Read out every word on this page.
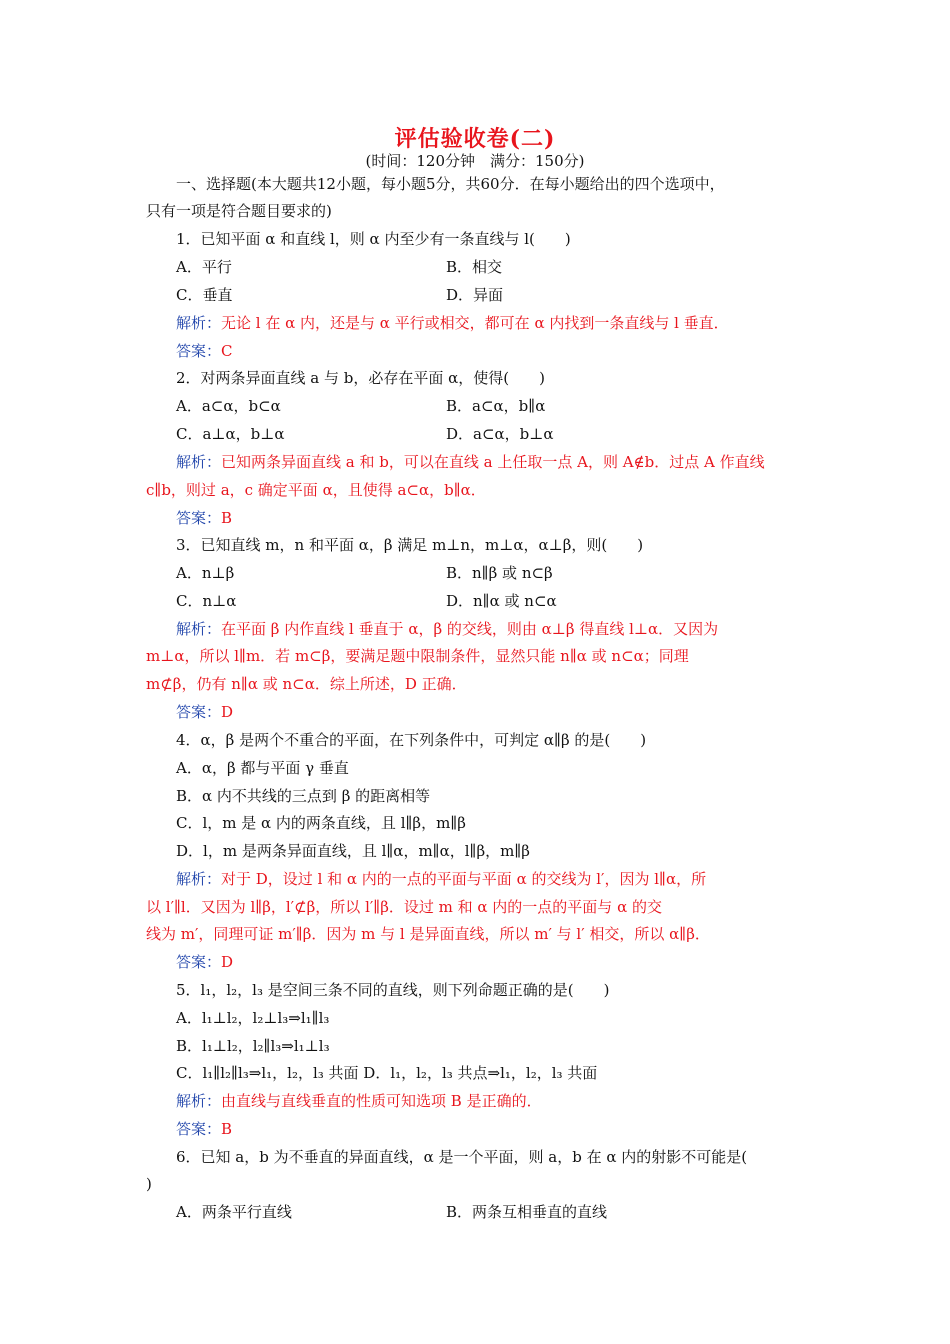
评估验收卷(二)
(时间：120分钟　满分：150分)
一、选择题(本大题共12小题，每小题5分，共60分．在每小题给出的四个选项中，
只有一项是符合题目要求的)
1．已知平面 α 和直线 l，则 α 内至少有一条直线与 l(　　)
A．平行	B．相交
C．垂直	D．异面
解析：无论 l 在 α 内，还是与 α 平行或相交，都可在 α 内找到一条直线与 l 垂直．
答案：C
2．对两条异面直线 a 与 b，必存在平面 α，使得(　　)
A．a⊂α，b⊂α	B．a⊂α，b∥α
C．a⊥α，b⊥α	D．a⊂α，b⊥α
解析：已知两条异面直线 a 和 b，可以在直线 a 上任取一点 A，则 A∉b．过点 A 作直线
c∥b，则过 a，c 确定平面 α，且使得 a⊂α，b∥α．
答案：B
3．已知直线 m，n 和平面 α，β 满足 m⊥n，m⊥α，α⊥β，则(　　)
A．n⊥β	B．n∥β 或 n⊂β
C．n⊥α	D．n∥α 或 n⊂α
解析：在平面 β 内作直线 l 垂直于 α，β 的交线，则由 α⊥β 得直线 l⊥α．又因为
m⊥α，所以 l∥m．若 m⊂β，要满足题中限制条件，显然只能 n∥α 或 n⊂α；同理
m⊄β，仍有 n∥α 或 n⊂α．综上所述，D 正确．
答案：D
4．α，β 是两个不重合的平面，在下列条件中，可判定 α∥β 的是(　　)
A．α，β 都与平面 γ 垂直
B．α 内不共线的三点到 β 的距离相等
C．l，m 是 α 内的两条直线，且 l∥β，m∥β
D．l，m 是两条异面直线，且 l∥α，m∥α，l∥β，m∥β
解析：对于 D，设过 l 和 α 内的一点的平面与平面 α 的交线为 l′，因为 l∥α，所
以 l′∥l．又因为 l∥β，l′⊄β，所以 l′∥β．设过 m 和 α 内的一点的平面与 α 的交
线为 m′，同理可证 m′∥β．因为 m 与 l 是异面直线，所以 m′ 与 l′ 相交，所以 α∥β．
答案：D
5．l₁，l₂，l₃ 是空间三条不同的直线，则下列命题正确的是(　　)
A．l₁⊥l₂，l₂⊥l₃⇒l₁∥l₃
B．l₁⊥l₂，l₂∥l₃⇒l₁⊥l₃
C．l₁∥l₂∥l₃⇒l₁，l₂，l₃ 共面 D．l₁，l₂，l₃ 共点⇒l₁，l₂，l₃ 共面
解析：由直线与直线垂直的性质可知选项 B 是正确的．
答案：B
6．已知 a，b 为不垂直的异面直线，α 是一个平面，则 a，b 在 α 内的射影不可能是(
)
A．两条平行直线	B．两条互相垂直的直线
